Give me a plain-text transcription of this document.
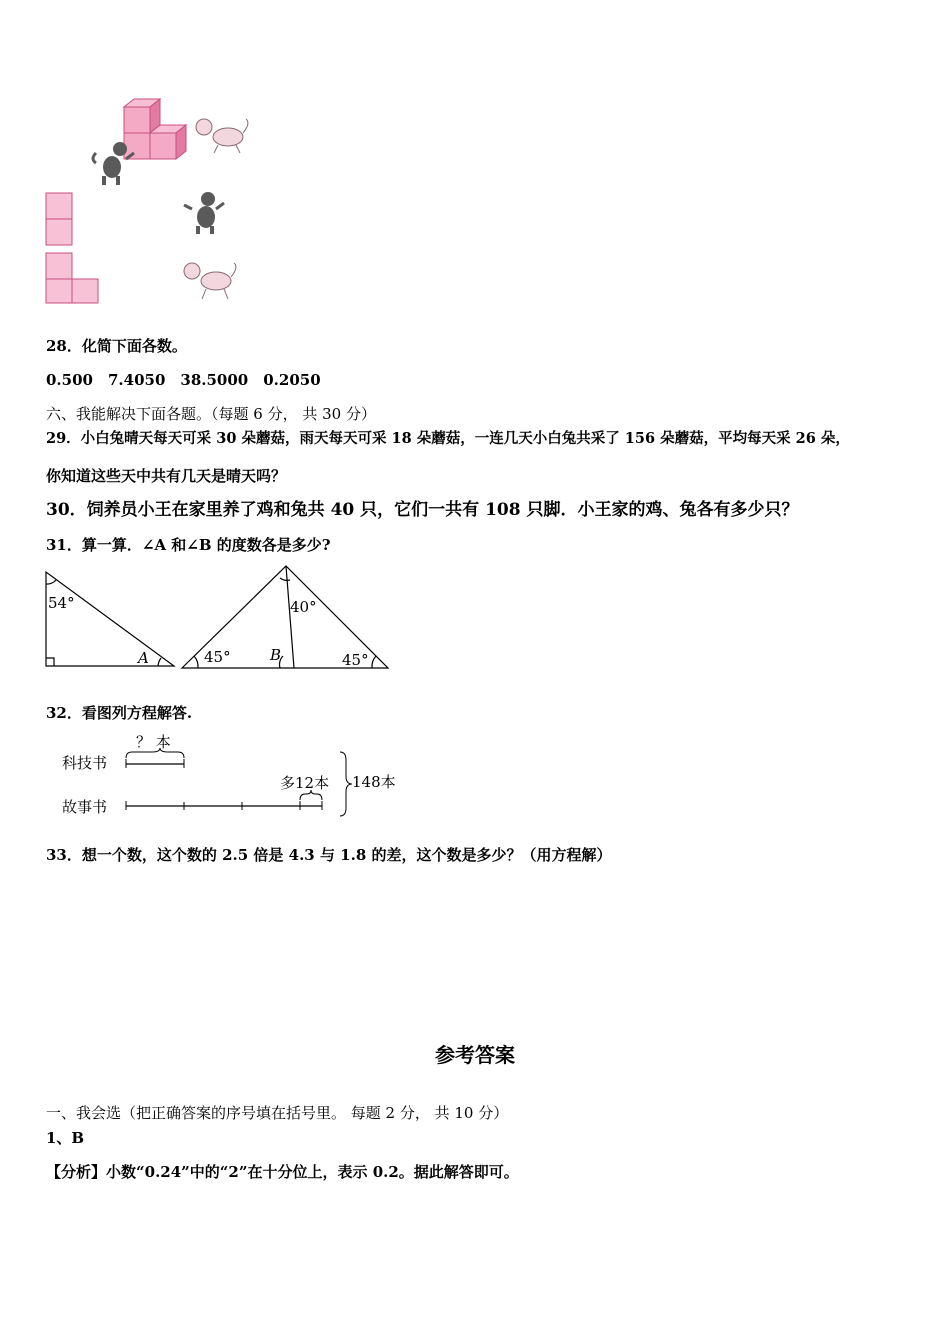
28．化简下面各数。
0.500　7.4050　38.5000　0.2050
六、我能解决下面各题。（每题 6 分， 共 30 分）
29．小白兔晴天每天可采 30 朵蘑菇，雨天每天可采 18 朵蘑菇，一连几天小白兔共采了 156 朵蘑菇，平均每天采 26 朵，
你知道这些天中共有几天是晴天吗？
30．饲养员小王在家里养了鸡和兔共 40 只，它们一共有 108 只脚．小王家的鸡、兔各有多少只？
31．算一算．∠A 和∠B 的度数各是多少?
54°
A
40°
45°	45°
B
32．看图列方程解答.
科技书
故事书
？ 本
多12本 148本
33．想一个数，这个数的 2.5 倍是 4.3 与 1.8 的差，这个数是多少？（用方程解）
参考答案
一、我会选（把正确答案的序号填在括号里。 每题 2 分， 共 10 分）
1、B
【分析】小数“0.24”中的“2”在十分位上，表示 0.2。据此解答即可。
